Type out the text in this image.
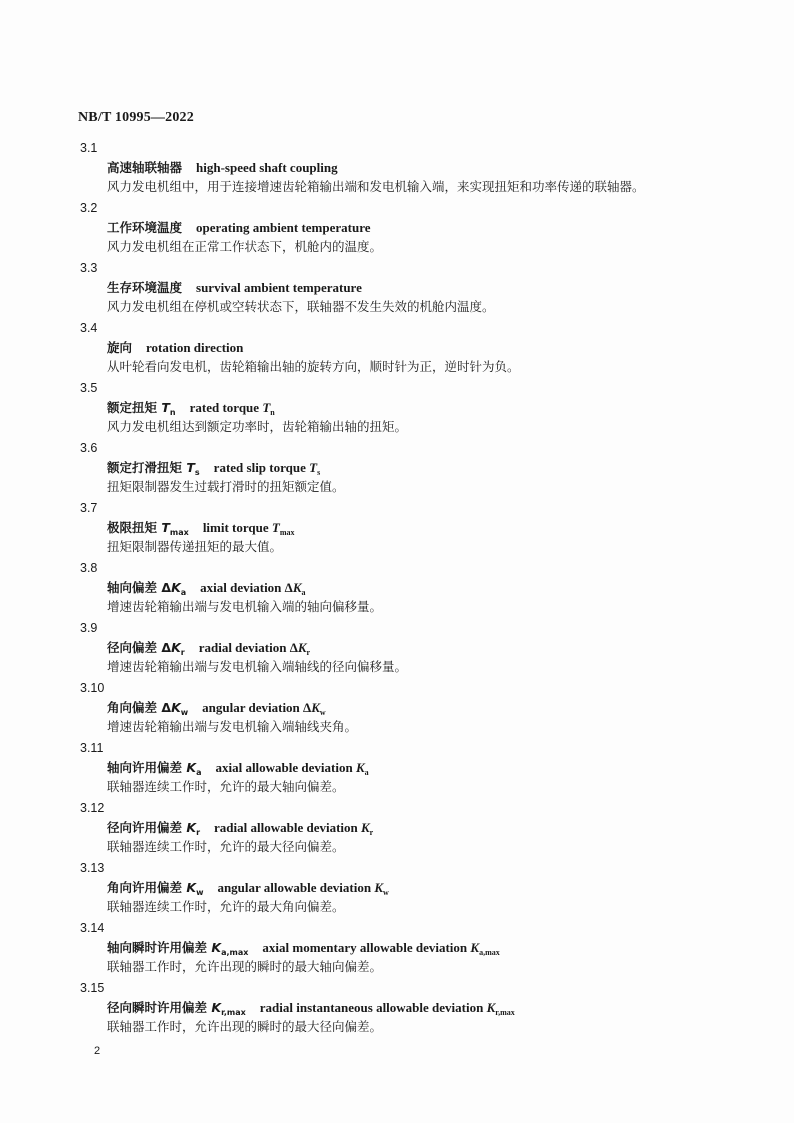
NB/T 10995—2022
3.1
高速轴联轴器 high-speed shaft coupling
风力发电机组中，用于连接增速齿轮箱输出端和发电机输入端，来实现扭矩和功率传递的联轴器。
3.2
工作环境温度 operating ambient temperature
风力发电机组在正常工作状态下，机舱内的温度。
3.3
生存环境温度 survival ambient temperature
风力发电机组在停机或空转状态下，联轴器不发生失效的机舱内温度。
3.4
旋向 rotation direction
从叶轮看向发电机，齿轮箱输出轴的旋转方向，顺时针为正，逆时针为负。
3.5
额定扭矩 $T_n$ rated torque $T_n$
风力发电机组达到额定功率时，齿轮箱输出轴的扭矩。
3.6
额定打滑扭矩 $T_s$ rated slip torque $T_s$
扭矩限制器发生过载打滑时的扭矩额定值。
3.7
极限扭矩 $T_{max}$ limit torque $T_{max}$
扭矩限制器传递扭矩的最大值。
3.8
轴向偏差 $\Delta K_a$ axial deviation $\Delta K_a$
增速齿轮箱输出端与发电机输入端的轴向偏移量。
3.9
径向偏差 $\Delta K_r$ radial deviation $\Delta K_r$
增速齿轮箱输出端与发电机输入端轴线的径向偏移量。
3.10
角向偏差 $\Delta K_w$ angular deviation $\Delta K_w$
增速齿轮箱输出端与发电机输入端轴线夹角。
3.11
轴向许用偏差 $K_a$ axial allowable deviation $K_a$
联轴器连续工作时，允许的最大轴向偏差。
3.12
径向许用偏差 $K_r$ radial allowable deviation $K_r$
联轴器连续工作时，允许的最大径向偏差。
3.13
角向许用偏差 $K_w$ angular allowable deviation $K_w$
联轴器连续工作时，允许的最大角向偏差。
3.14
轴向瞬时许用偏差 $K_{a,max}$ axial momentary allowable deviation $K_{a,max}$
联轴器工作时，允许出现的瞬时的最大轴向偏差。
3.15
径向瞬时许用偏差 $K_{r,max}$ radial instantaneous allowable deviation $K_{r,max}$
联轴器工作时，允许出现的瞬时的最大径向偏差。
2
